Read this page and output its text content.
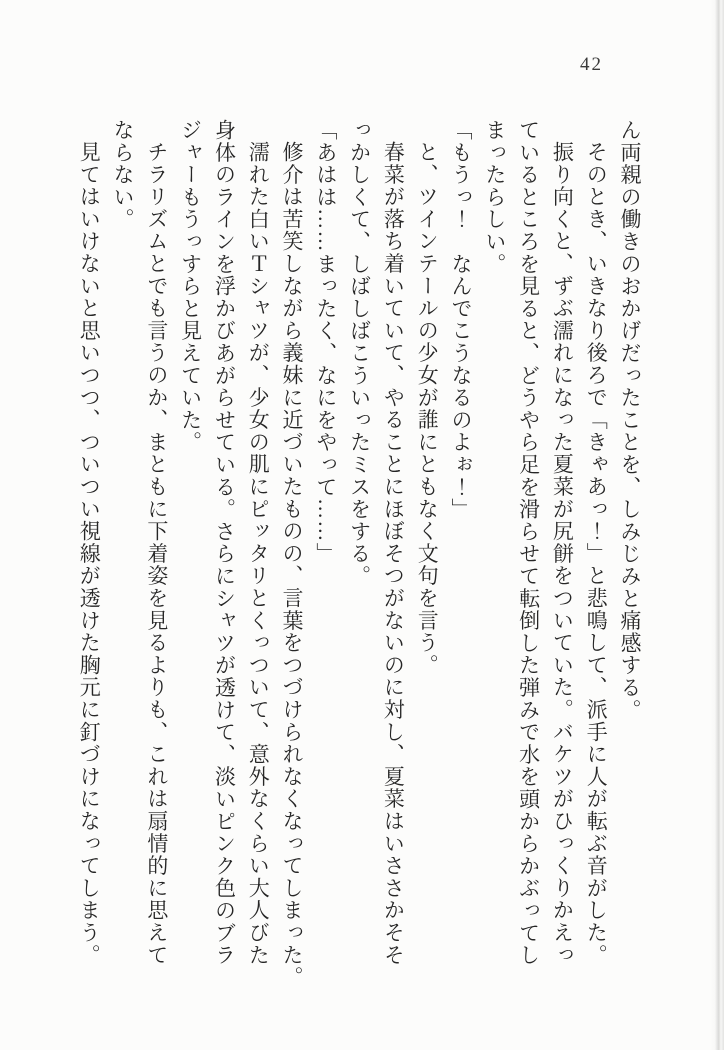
42
ん両親の働きのおかげだったことを、しみじみと痛感する。
そのとき、いきなり後ろで「きゃあっ！」と悲鳴して、派手に人が転ぶ音がした。
振り向くと、ずぶ濡れになった夏菜が尻餅をついていた。バケツがひっくりかえっ
ているところを見ると、どうやら足を滑らせて転倒した弾みで水を頭からかぶってし
まったらしい。
「もうっ！　なんでこうなるのよぉ！」
と、ツインテールの少女が誰にともなく文句を言う。
春菜が落ち着いていて、やることにほぼそつがないのに対し、夏菜はいささかそそ
っかしくて、しばしばこういったミスをする。
「あはは……まったく、なにをやって……」
修介は苦笑しながら義妹に近づいたものの、言葉をつづけられなくなってしまった。
濡れた白いＴシャツが、少女の肌にピッタリとくっついて、意外なくらい大人びた
身体のラインを浮かびあがらせている。さらにシャツが透けて、淡いピンク色のブラ
ジャーもうっすらと見えていた。
チラリズムとでも言うのか、まともに下着姿を見るよりも、これは扇情的に思えて
ならない。
見てはいけないと思いつつ、ついつい視線が透けた胸元に釘づけになってしまう。
